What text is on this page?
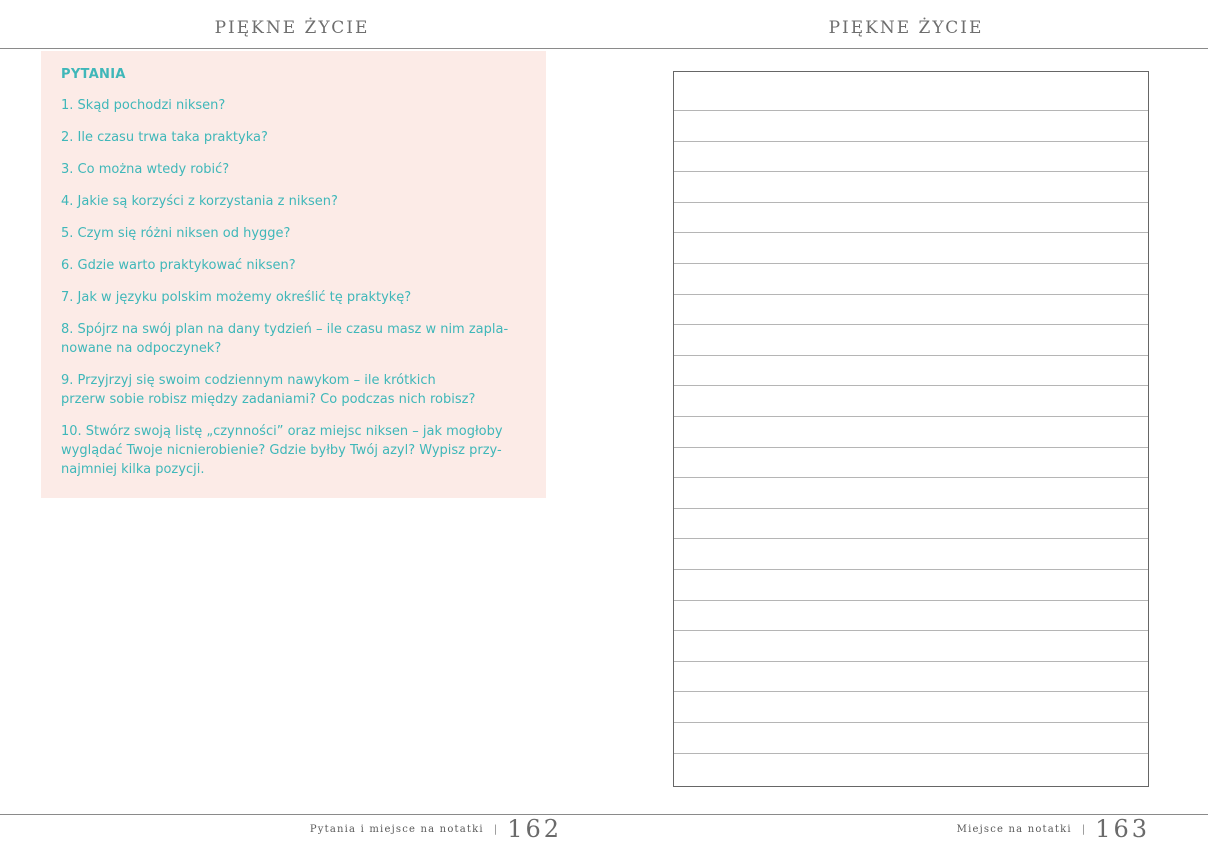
PIĘKNE ŻYCIE
PYTANIA
1. Skąd pochodzi niksen?
2. Ile czasu trwa taka praktyka?
3. Co można wtedy robić?
4. Jakie są korzyści z korzystania z niksen?
5. Czym się różni niksen od hygge?
6. Gdzie warto praktykować niksen?
7. Jak w języku polskim możemy określić tę praktykę?
8. Spójrz na swój plan na dany tydzień – ile czasu masz w nim zapla-
nowane na odpoczynek?
9. Przyjrzyj się swoim codziennym nawykom – ile krótkich
przerw sobie robisz między zadaniami? Co podczas nich robisz?
10. Stwórz swoją listę „czynności” oraz miejsc niksen – jak mogłoby
wyglądać Twoje nicnierobienie? Gdzie byłby Twój azyl? Wypisz przy-
najmniej kilka pozycji.
Pytania i miejsce na notatki | 162
PIĘKNE ŻYCIE
Miejsce na notatki | 163
